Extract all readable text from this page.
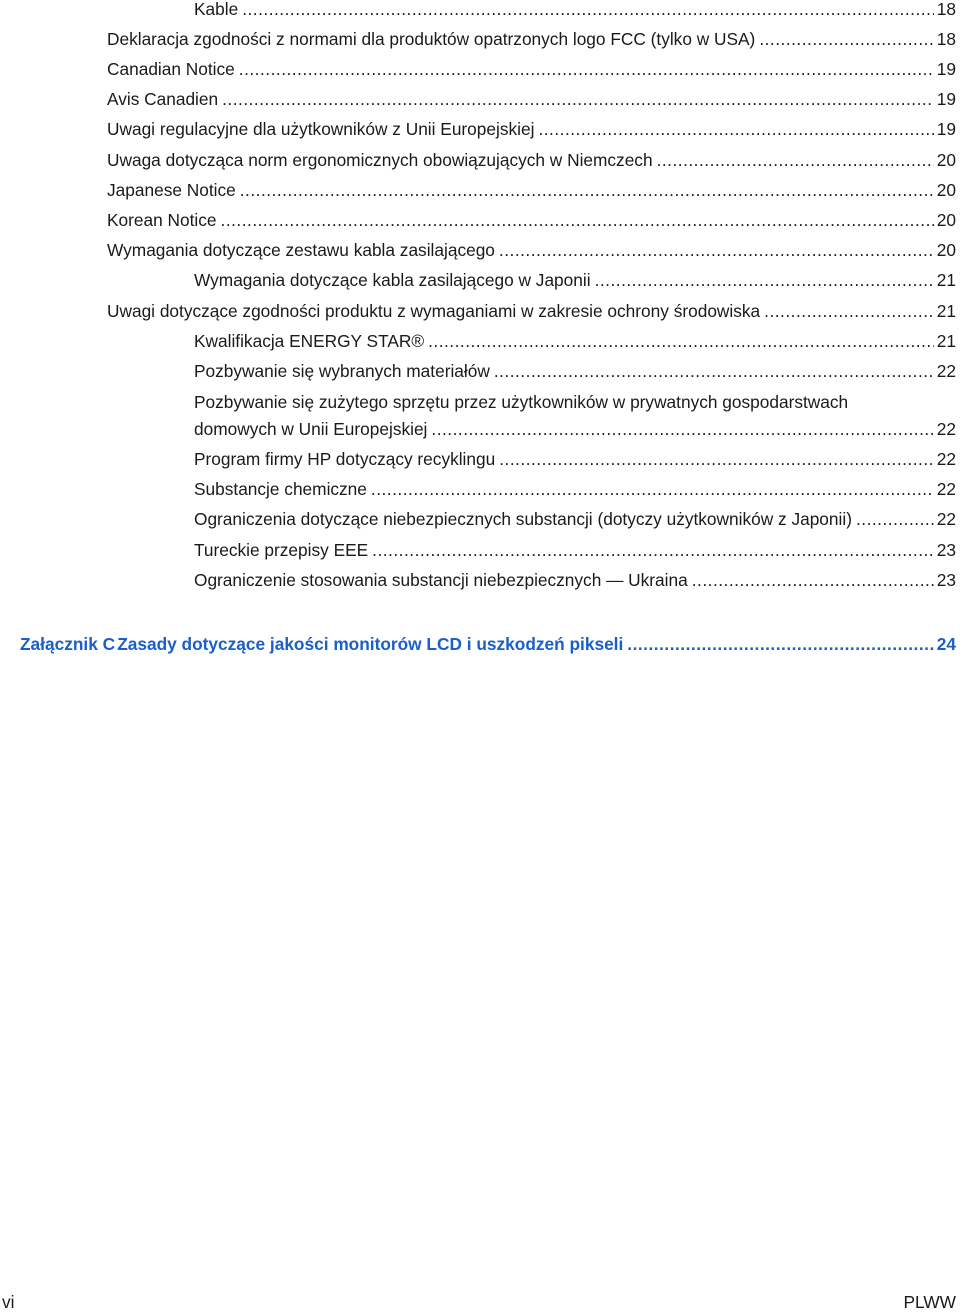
Kable .....	18
Deklaracja zgodności z normami dla produktów opatrzonych logo FCC (tylko w USA) .....	18
Canadian Notice .....	19
Avis Canadien .....	19
Uwagi regulacyjne dla użytkowników z Unii Europejskiej .....	19
Uwaga dotycząca norm ergonomicznych obowiązujących w Niemczech .....	20
Japanese Notice .....	20
Korean Notice .....	20
Wymagania dotyczące zestawu kabla zasilającego .....	20
Wymagania dotyczące kabla zasilającego w Japonii .....	21
Uwagi dotyczące zgodności produktu z wymaganiami w zakresie ochrony środowiska .....	21
Kwalifikacja ENERGY STAR® .....	21
Pozbywanie się wybranych materiałów .....	22
Pozbywanie się zużytego sprzętu przez użytkowników w prywatnych gospodarstwach
domowych w Unii Europejskiej .....	22
Program firmy HP dotyczący recyklingu .....	22
Substancje chemiczne .....	22
Ograniczenia dotyczące niebezpiecznych substancji (dotyczy użytkowników z Japonii) .....	22
Tureckie przepisy EEE .....	23
Ograniczenie stosowania substancji niebezpiecznych — Ukraina .....	23
Załącznik C Zasady dotyczące jakości monitorów LCD i uszkodzeń pikseli .....	24
vi	PLWW
